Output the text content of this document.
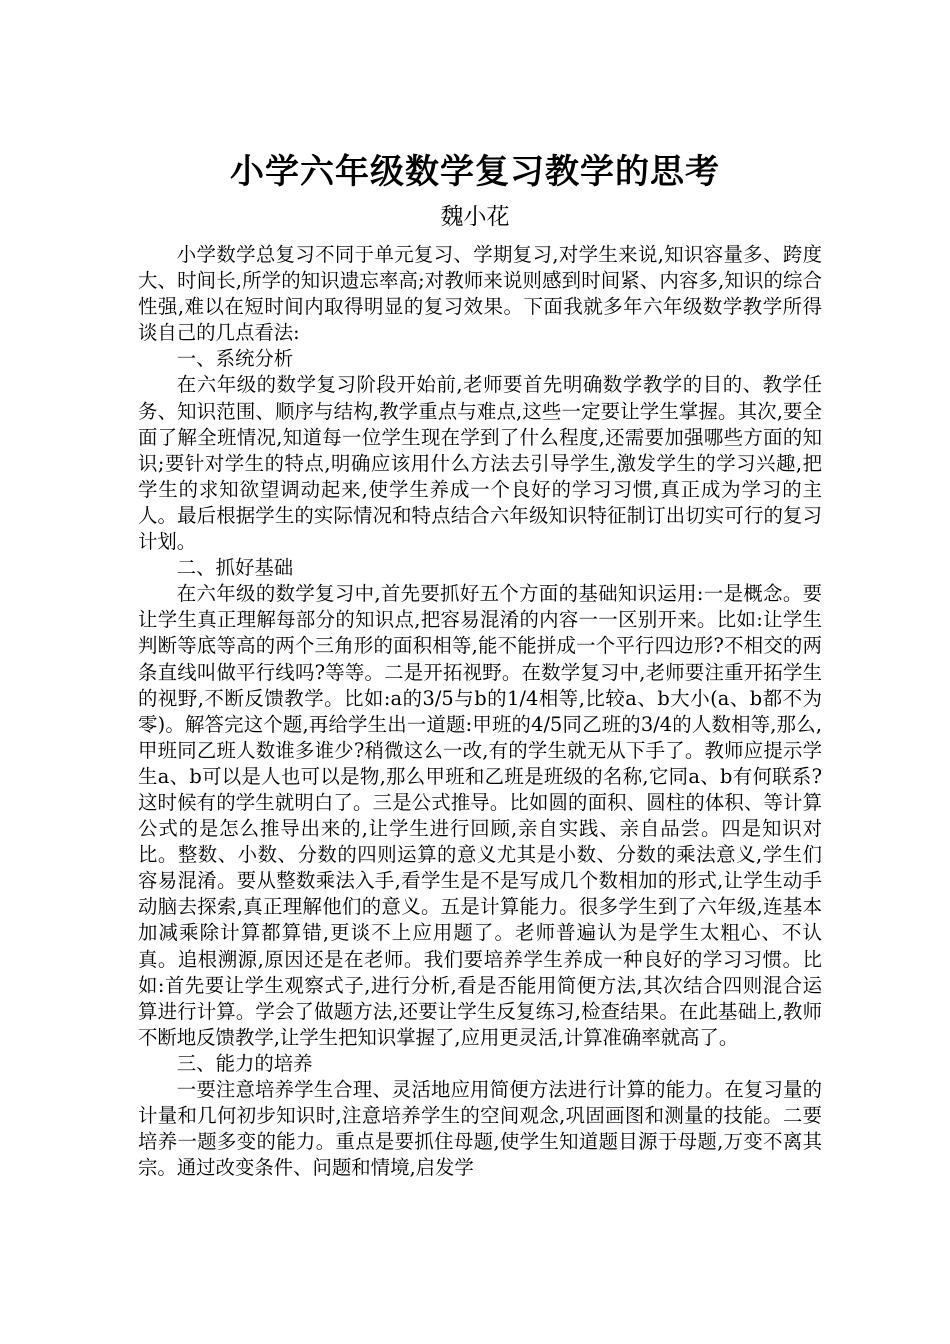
小学六年级数学复习教学的思考
魏小花

小学数学总复习不同于单元复习、学期复习,对学生来说,知识容量多、跨度大、时间长,所学的知识遗忘率高;对教师来说则感到时间紧、内容多,知识的综合性强,难以在短时间内取得明显的复习效果。下面我就多年六年级数学教学所得谈自己的几点看法:

一、系统分析

在六年级的数学复习阶段开始前,老师要首先明确数学教学的目的、教学任务、知识范围、顺序与结构,教学重点与难点,这些一定要让学生掌握。其次,要全面了解全班情况,知道每一位学生现在学到了什么程度,还需要加强哪些方面的知识;要针对学生的特点,明确应该用什么方法去引导学生,激发学生的学习兴趣,把学生的求知欲望调动起来,使学生养成一个良好的学习习惯,真正成为学习的主人。最后根据学生的实际情况和特点结合六年级知识特征制订出切实可行的复习计划。

二、抓好基础

在六年级的数学复习中,首先要抓好五个方面的基础知识运用:一是概念。要让学生真正理解每部分的知识点,把容易混淆的内容一一区别开来。比如:让学生判断等底等高的两个三角形的面积相等,能不能拼成一个平行四边形?不相交的两条直线叫做平行线吗?等等。二是开拓视野。在数学复习中,老师要注重开拓学生的视野,不断反馈教学。比如:a的3/5与b的1/4相等,比较a、b大小(a、b都不为零)。解答完这个题,再给学生出一道题:甲班的4/5同乙班的3/4的人数相等,那么,甲班同乙班人数谁多谁少?稍微这么一改,有的学生就无从下手了。教师应提示学生a、b可以是人也可以是物,那么甲班和乙班是班级的名称,它同a、b有何联系?这时候有的学生就明白了。三是公式推导。比如圆的面积、圆柱的体积、等计算公式的是怎么推导出来的,让学生进行回顾,亲自实践、亲自品尝。四是知识对比。整数、小数、分数的四则运算的意义尤其是小数、分数的乘法意义,学生们容易混淆。要从整数乘法入手,看学生是不是写成几个数相加的形式,让学生动手动脑去探索,真正理解他们的意义。五是计算能力。很多学生到了六年级,连基本加减乘除计算都算错,更谈不上应用题了。老师普遍认为是学生太粗心、不认真。追根溯源,原因还是在老师。我们要培养学生养成一种良好的学习习惯。比如:首先要让学生观察式子,进行分析,看是否能用简便方法,其次结合四则混合运算进行计算。学会了做题方法,还要让学生反复练习,检查结果。在此基础上,教师不断地反馈教学,让学生把知识掌握了,应用更灵活,计算准确率就高了。

三、能力的培养

一要注意培养学生合理、灵活地应用简便方法进行计算的能力。在复习量的计量和几何初步知识时,注意培养学生的空间观念,巩固画图和测量的技能。二要培养一题多变的能力。重点是要抓住母题,使学生知道题目源于母题,万变不离其宗。通过改变条件、问题和情境,启发学
